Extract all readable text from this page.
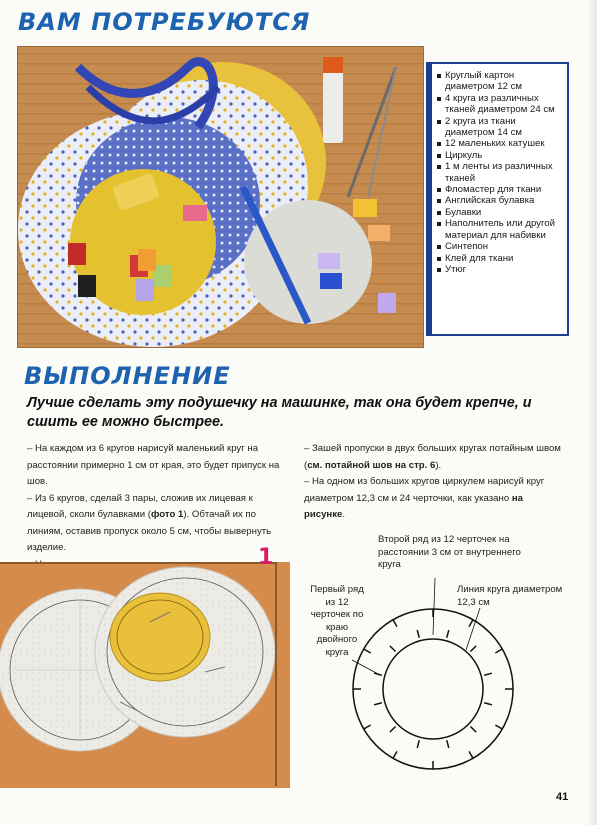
ВАМ ПОТРЕБУЮТСЯ
Круглый картон диаметром 12 см
4 круга из различных тканей диаметром 24 см
2 круга из ткани диаметром 14 см
12 маленьких катушек
Циркуль
1 м ленты из различных тканей
Фломастер для ткани
Английская булавка
Булавки
Наполнитель или другой материал для набивки
Синтепон
Клей для ткани
Утюг
ВЫПОЛНЕНИЕ
Лучше сделать эту подушечку на машинке, так она будет крепче, и сшить ее можно быстрее.

– На каждом из 6 кругов нарисуй маленький круг на расстоянии примерно 1 см от края, это будет припуск на шов.

– Из 6 кругов, сделай 3 пары, сложив их лицевая к лицевой, сколи булавками (фото 1). Обтачай их по линиям, оставив пропуск около 5 см, чтобы вывернуть изделие.

– Зашей пропуски в двух больших кругах потайным швом (см. потайной шов на стр. 6).

– На одном из больших кругов циркулем нарисуй круг диаметром 12,3 см и 24 черточки, как указано на рисунке.

1
Второй ряд из 12 черточек на расстоянии 3 см от внутреннего круга
Первый ряд из 12 черточек по краю двойного круга
Линия круга диаметром 12,3 см
41
